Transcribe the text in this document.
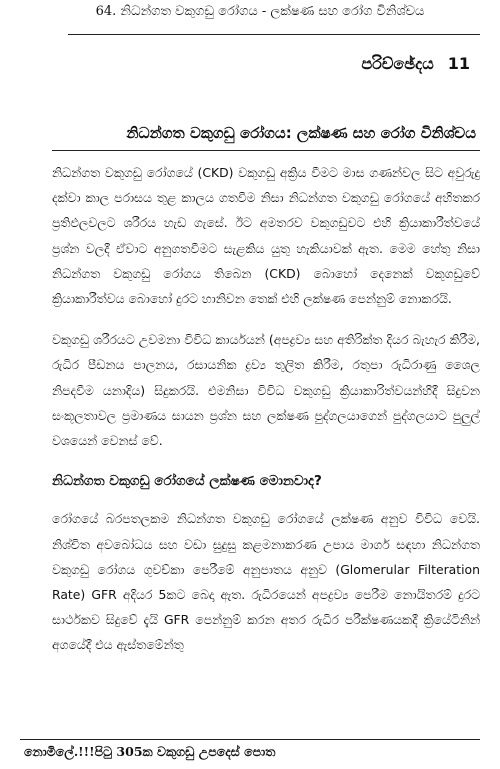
64. නිධන්ගත වකුගඩු රෝගය - ලක්ෂණ සහ රෝග විනිශ්චය
පරිච්ඡේදය 11
නිධන්ගත වකුගඩු රෝගය: ලක්ෂණ සහ රෝග විනිශ්චය

නිධන්ගත වකුගඩු රෝගයේ (CKD) වකුගඩු අක්‍රිය වීමට මාස ගණන්වල සිට අවුරුදු දක්වා කාල පරාසය තුළ කාලය ගතවීම නිසා නිධන්ගත වකුගඩු රෝගයේ අහිතකර ප්‍රතිඵලවලට ශරීරය හැඩ ගැසේ. ඊට අමතරව වකුගඩුවට එහි ක්‍රියාකාරීත්වයේ ප්‍රශ්න වලදී ඒවාට අනුගතවීමට සැළකිය යුතු හැකියාවක් ඇත. මෙම හේතු නිසා නිධන්ගත වකුගඩු රෝගය තිබෙන (CKD) බොහෝ දෙනෙක් වකුගඩුවේ ක්‍රියාකාරීත්වය බොහෝ දුරට හානිවන තෙක් එහි ලක්ෂණ පෙන්නුම් නොකරයි.

වකුගඩු ශරීරයට උවමනා විවිධ කාර්යයන් (අපද්‍රව්‍ය සහ අතිරික්ත දියර බැහැර කිරීම, රුධිර පීඩනය පාලනය, රසායනික ද්‍රව්‍ය තුලිත කිරීම, රතුපා රුධිරාණු ශෛල නිපදවීම යනාදිය) සිදුකරයි. එමනිසා විවිධ වකුගඩු ක්‍රියාකාරිත්වයන්හිදී සිදුවන සංකූලතාවල ප්‍රමාණය සායන ප්‍රශ්න සහ ලක්ෂණ පුද්ගලයාගෙන් පුද්ගලයාට පුලුල් වශයෙන් වෙනස් වේ.

නිධන්ගත වකුගඩු රෝගයේ ලක්ෂණ මොනවාද?

රෝගයේ බරපතලකම නිධන්ගත වකුගඩු රෝගයේ ලක්ෂණ අනුව විවිධ වෙයි. නිශ්චිත අවබෝධය සහ වඩා සුදුසු කළමනාකරණ උපාය මාර්ග සඳහා නිධන්ගත වකුගඩු රෝගය ගුවච්කා පෙරීමේ අනුපාතය අනුව (Glomerular Filteration Rate) GFR අදියර 5කට බෙදා ඇත. රුධිරයෙන් අපද්‍රව්‍ය පෙරීම නොයිතරම් දුරට සාර්ථකව සිදුවේ දැයි GFR පෙන්නුම් කරන අතර රුධිර පරීක්ෂණයකදී ක්‍රියේටිනින් අගයේදී එය ඇස්තමේන්තු

නොමිලේ.!!!පිටු 305ක වකුගඩු උපදෙස් පොත
